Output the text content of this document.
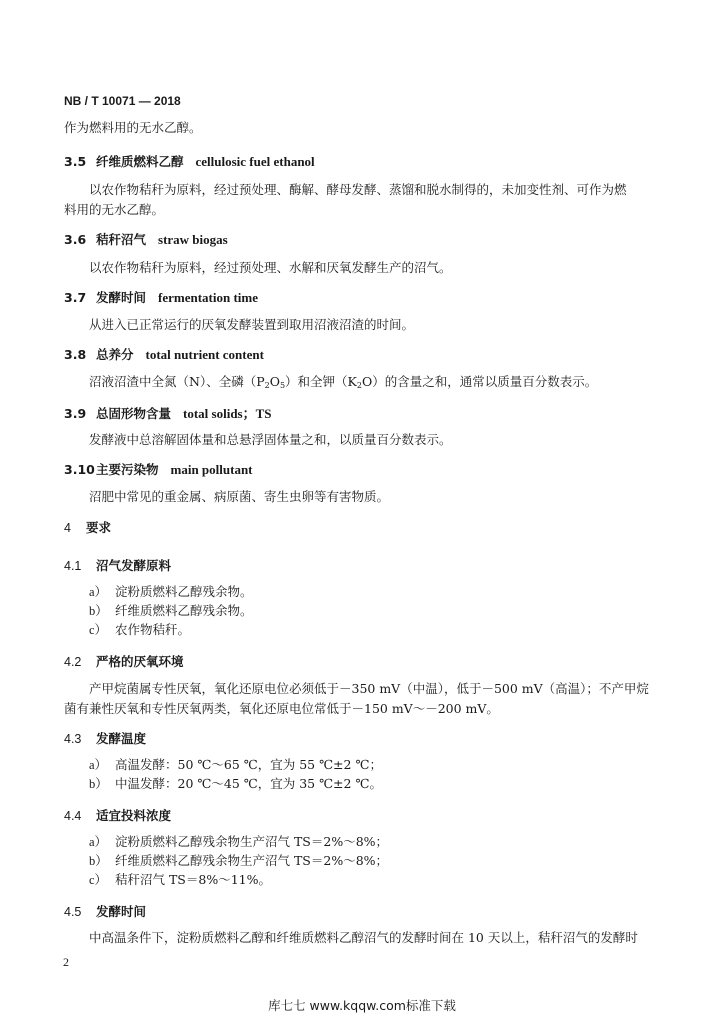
NB / T 10071 — 2018
作为燃料用的无水乙醇。
3.5 纤维质燃料乙醇 cellulosic fuel ethanol
以农作物秸秆为原料，经过预处理、酶解、酵母发酵、蒸馏和脱水制得的，未加变性剂、可作为燃
料用的无水乙醇。
3.6 秸秆沼气 straw biogas
以农作物秸秆为原料，经过预处理、水解和厌氧发酵生产的沼气。
3.7 发酵时间 fermentation time
从进入已正常运行的厌氧发酵装置到取用沼液沼渣的时间。
3.8 总养分 total nutrient content
沼液沼渣中全氮（N）、全磷$(P_2O_5)$和全钾$(K_2O)$的含量之和，通常以质量百分数表示。
3.9 总固形物含量 total solids；TS
发酵液中总溶解固体量和总悬浮固体量之和，以质量百分数表示。
3.10主要污染物 main pollutant
沼肥中常见的重金属、病原菌、寄生虫卵等有害物质。
4 要求
4.1 沼气发酵原料
a） 淀粉质燃料乙醇残余物。
b） 纤维质燃料乙醇残余物。
c） 农作物秸秆。
4.2 严格的厌氧环境
产甲烷菌属专性厌氧，氧化还原电位必须低于－350 mV（中温），低于－500 mV（高温）；不产甲烷
菌有兼性厌氧和专性厌氧两类，氧化还原电位常低于－150 mV～－200 mV。
4.3 发酵温度
a） 高温发酵：50 ℃～65 ℃，宜为 55 ℃±2 ℃；
b） 中温发酵：20 ℃～45 ℃，宜为 35 ℃±2 ℃。
4.4 适宜投料浓度
a） 淀粉质燃料乙醇残余物生产沼气 TS＝2%～8%；
b） 纤维质燃料乙醇残余物生产沼气 TS＝2%～8%；
c） 秸秆沼气 TS＝8%～11%。
4.5 发酵时间
中高温条件下，淀粉质燃料乙醇和纤维质燃料乙醇沼气的发酵时间在 10 天以上，秸秆沼气的发酵时
2
库七七 www.kqqw.com标准下载
